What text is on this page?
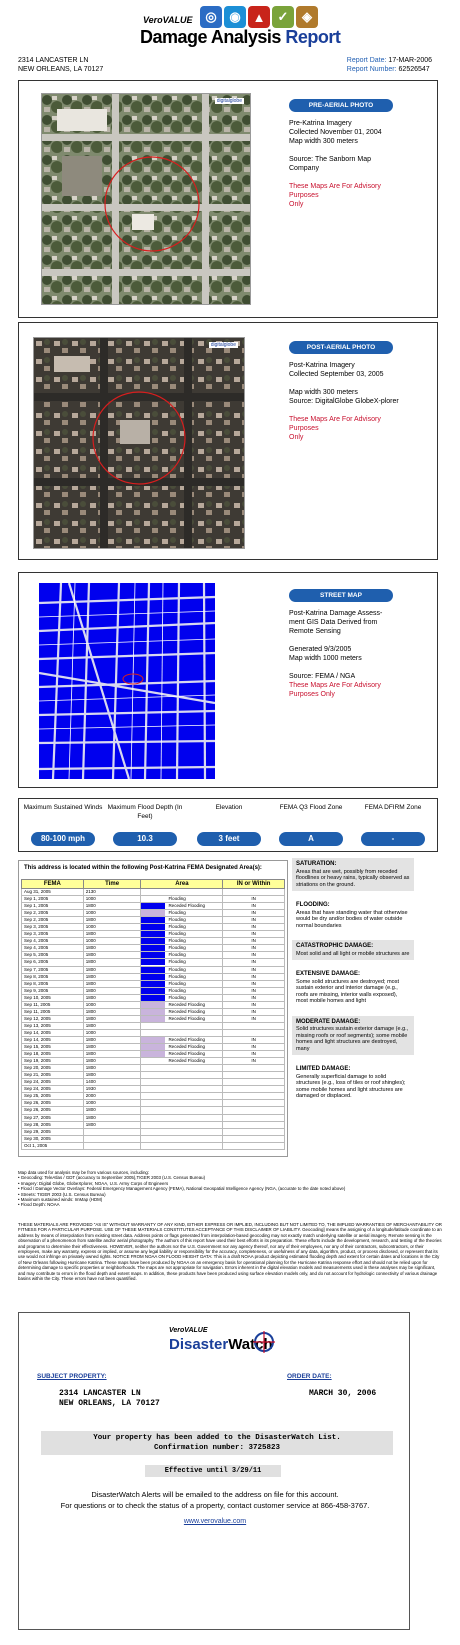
VeroVALUE ◎ ◉ ▲ ✓	◈
Damage Analysis Report
2314 LANCASTER LN
NEW ORLEANS, LA 70127
Report Date: 17-MAR-2006
Report Number: 62526547
digitalglobe
PRE-AERIAL PHOTO
Pre-Katrina Imagery
Collected November 01, 2004

Map width 300 meters

Source: The Sanborn Map Company

These Maps Are For Advisory Purposes
Only
digitalglobe	POST-AERIAL PHOTO
Post-Katrina Imagery

Collected September 03, 2005

Map width 300 meters

Source: DigitalGlobe GlobeX-plorer

These Maps Are For Advisory Purposes
Only
STREET MAP

Post-Katrina Damage Assess-ment GIS Data Derived from Remote Sensing

Generated 9/3/2005

Map width 1000 meters

Source: FEMA / NGA
These Maps Are For Advisory
Purposes Only
Maximum Sustained Winds
80-100 mph
Maximum Flood Depth (In Feet)
10.3
Elevation
3 feet
FEMA Q3 Flood Zone
A
FEMA DFIRM Zone
-
This address is located within the following Post-Katrina FEMA Designated Area(s):
FEMA	Time	Area	IN or Within
Aug 31, 2005	2130		
Sep 1, 2005	1000	Flooding	IN
Sep 1, 2005	1800	Receded Flooding	IN
Sep 2, 2005	1000	Flooding	IN
Sep 2, 2005	1800	Flooding	IN
Sep 3, 2005	1000	Flooding	IN
Sep 3, 2005	1800	Flooding	IN
Sep 4, 2005	1000	Flooding	IN
Sep 4, 2005	1800	Flooding	IN
Sep 5, 2005	1800	Flooding	IN
Sep 6, 2005	1800	Flooding	IN
Sep 7, 2005	1800	Flooding	IN
Sep 8, 2005	1800	Flooding	IN
Sep 8, 2005	1800	Flooding	IN
Sep 9, 2005	1800	Flooding	IN
Sep 10, 2005	1800	Flooding	IN
Sep 11, 2005	1000	Receded Flooding	IN
Sep 11, 2005	1800	Receded Flooding	IN
Sep 12, 2005	1800	Receded Flooding	IN
Sep 13, 2005	1800		
Sep 14, 2005	1000		
Sep 14, 2005	1800	Receded Flooding	IN
Sep 15, 2005	1800	Receded Flooding	IN
Sep 18, 2005	1800	Receded Flooding	IN
Sep 19, 2005	1800	Receded Flooding	IN
Sep 20, 2005	1800		
Sep 21, 2005	1800		
Sep 24, 2005	1400		
Sep 24, 2005	1930		
Sep 25, 2005	2000		
Sep 26, 2005	1000		
Sep 26, 2005	1800		
Sep 27, 2005	1800		
Sep 28, 2005	1800		
Sep 29, 2005			
Sep 30, 2005			
Oct 1, 2005			
SATURATION:
Areas that are wet, possibly from receded floodlines or heavy rains, typically observed as striations on the ground.
FLOODING:
Areas that have standing water that otherwise would be dry and/or bodies of water outside normal boundaries
CATASTROPHIC DAMAGE:
Most solid and all light or mobile structures are
EXTENSIVE DAMAGE:
Some solid structures are destroyed; most sustain exterior and interior damage (e.g., roofs are missing, interior walls exposed), most mobile homes and light
MODERATE DAMAGE:
Solid structures sustain exterior damage (e.g., missing roofs or roof segments); some mobile homes and light structures are destroyed, many
LIMITED DAMAGE:
Generally superficial damage to solid structures (e.g., loss of tiles or roof shingles); some mobile homes and light structures are damaged or displaced.
Map data used for analysis may be from various sources, including:
• Geocoding: TeleAtlas / GDT (accuracy to September 2005),TIGER 2003 (U.S. Census Bureau)
• Imagery: Digital Globe, GlobeXplorer, NOAA, U.S. Army Corps of Engineers
• Flood / Damage Vector Overlays: Federal Emergency Management Agency (FEMA), National Geospatial Intelligence Agency (NGA, (accurate to the date noted above)
• Streets: TIGER 2003 (U.S. Census Bureau)
• Maximum sustained winds: ImMap (HDM)
• Flood Depth: NOAA
THESE MATERIALS ARE PROVIDED "AS IS" WITHOUT WARRANTY OF ANY KIND, EITHER EXPRESS OR IMPLIED, INCLUDING BUT NOT LIMITED TO, THE IMPLIED WARRANTIES OF MERCHANTABILITY OR FITNESS FOR A PARTICULAR PURPOSE. USE OF THESE MATERIALS CONSTITUTES ACCEPTANCE OF THIS DISCLAIMER OF LIABILITY. Geocoding] means the assigning of a longitude/latitude coordinate to an address by means of interpolation from existing street data. Address points or flags generated from interpolation-based geocoding may not exactly match underlying satellite or aerial imagery. Remote sensing is the observation of a phenomenon from satellite and/or aerial photography. The authors of this report have used their best efforts in its preparation. These efforts include the development, research, and testing of the theories and programs to determine their effectiveness. HOWEVER, neither the authors nor the U.S. Government nor any agency thereof, nor any of their employees, nor any of their contractors, subcontractors, or their employees, make any warranty, express or implied, or assume any legal liability or responsibility for the accuracy, completeness, or usefulness of any data, algorithm, product, or process disclosed, or represent that its use would not infringe on privately owned rights. NOTICE FROM NOAA ON FLOOD HEIGHT DATA: This is a draft NOAA product depicting estimated flooding depth and extent for certain dates and locations in the City of New Orleans following Hurricane Katrina. These maps have been produced by NOAA on an emergency basis for operational planning for the Hurricane Katrina response effort and should not be relied upon for determining damage to specific properties or neighborhoods. The maps are not appropriate for navigation. Errors inherent in the digital elevation models and measurements used in these analyses may be significant, and may contribute to errors in the flood depth and extent maps. In addition, these products have been produced using surface elevation models only, and do not account for hydrologic connectivity of various drainage basins within the City. These errors have not been quantified.
VeroVALUE
DisasterWatch
SUBJECT PROPERTY:	ORDER DATE:
2314 LANCASTER LN
NEW ORLEANS, LA 70127
MARCH 30, 2006
Your property has been added to the DisasterWatch List.
Confirmation number: 3725823
Effective until 3/29/11
DisasterWatch Alerts will be emailed to the address on file for this account.
For questions or to check the status of a property, contact customer service at 866-458-3767.
www.verovalue.com
